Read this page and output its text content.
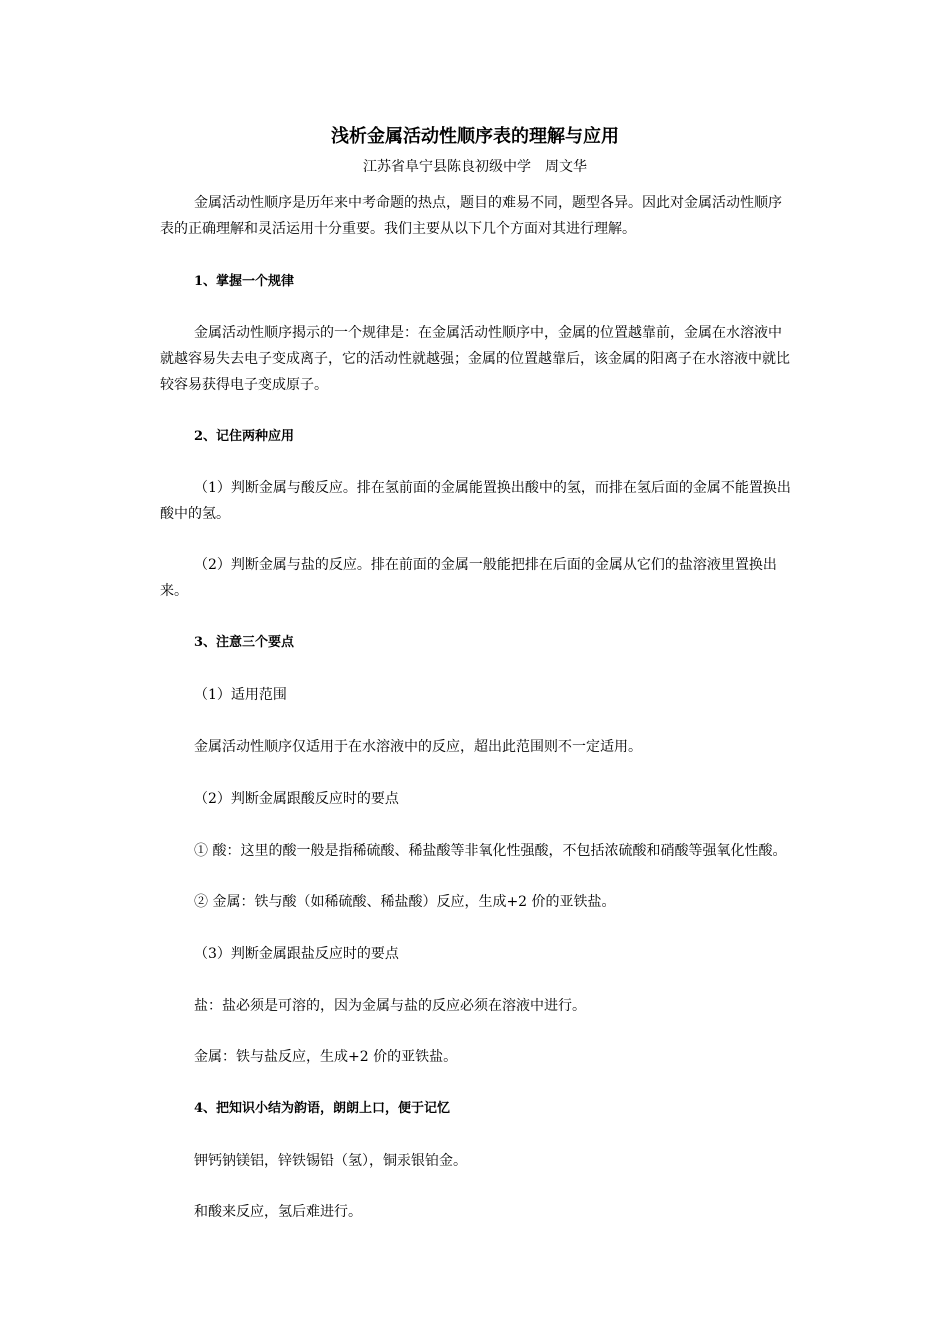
浅析金属活动性顺序表的理解与应用
江苏省阜宁县陈良初级中学　周文华
金属活动性顺序是历年来中考命题的热点，题目的难易不同，题型各异。因此对金属活动性顺序表的正确理解和灵活运用十分重要。我们主要从以下几个方面对其进行理解。
1、掌握一个规律
金属活动性顺序揭示的一个规律是：在金属活动性顺序中，金属的位置越靠前，金属在水溶液中就越容易失去电子变成离子，它的活动性就越强；金属的位置越靠后，该金属的阳离子在水溶液中就比较容易获得电子变成原子。
2、记住两种应用
（1）判断金属与酸反应。排在氢前面的金属能置换出酸中的氢，而排在氢后面的金属不能置换出酸中的氢。
（2）判断金属与盐的反应。排在前面的金属一般能把排在后面的金属从它们的盐溶液里置换出来。
3、注意三个要点
（1）适用范围
金属活动性顺序仅适用于在水溶液中的反应，超出此范围则不一定适用。
（2）判断金属跟酸反应时的要点
① 酸：这里的酸一般是指稀硫酸、稀盐酸等非氧化性强酸，不包括浓硫酸和硝酸等强氧化性酸。
② 金属：铁与酸（如稀硫酸、稀盐酸）反应，生成+2 价的亚铁盐。
（3）判断金属跟盐反应时的要点
盐：盐必须是可溶的，因为金属与盐的反应必须在溶液中进行。
金属：铁与盐反应，生成+2 价的亚铁盐。
4、把知识小结为韵语，朗朗上口，便于记忆
钾钙钠镁铝，锌铁锡铅（氢），铜汞银铂金。
和酸来反应，氢后难进行。
